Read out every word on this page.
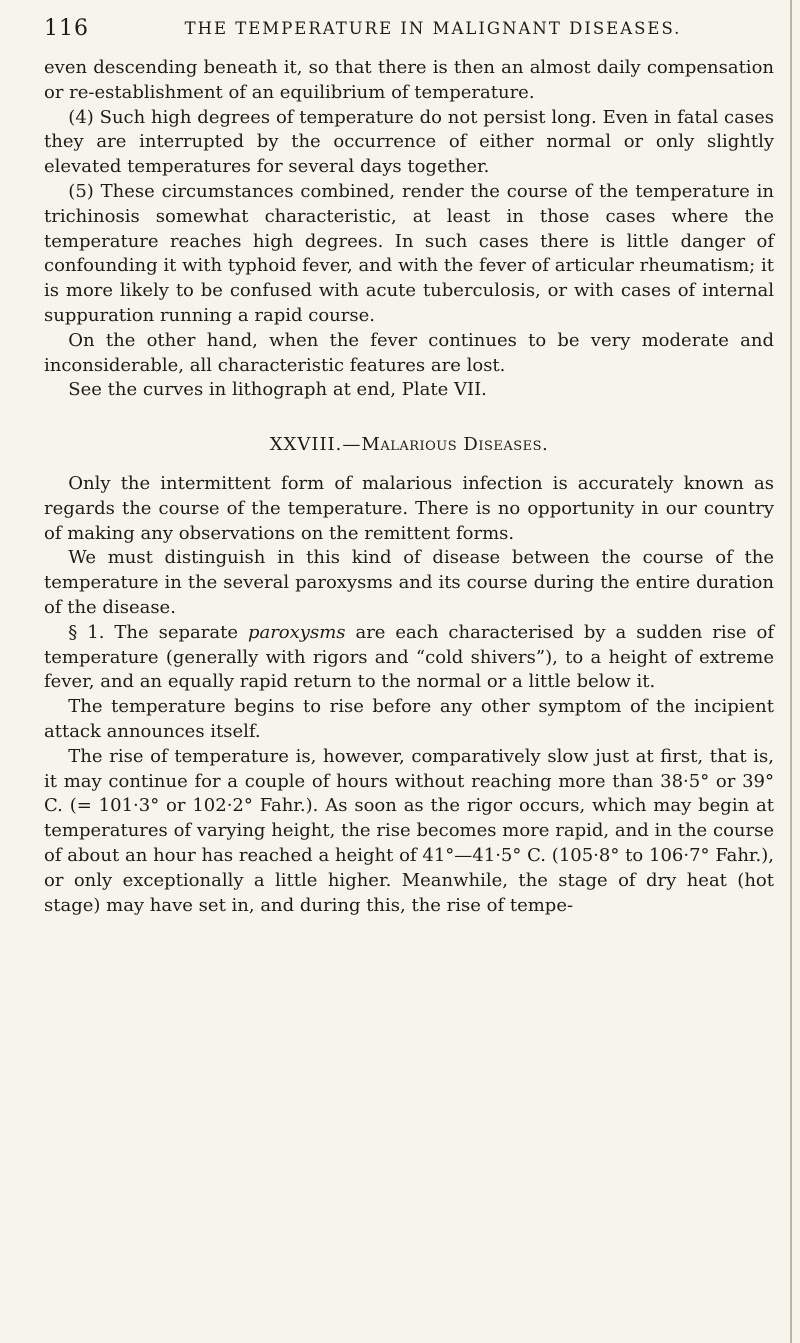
116	THE TEMPERATURE IN MALIGNANT DISEASES.

even descending beneath it, so that there is then an almost daily compensation or re-establishment of an equilibrium of temperature.

(4) Such high degrees of temperature do not persist long. Even in fatal cases they are interrupted by the occurrence of either normal or only slightly elevated temperatures for several days together.

(5) These circumstances combined, render the course of the temperature in trichinosis somewhat characteristic, at least in those cases where the temperature reaches high degrees. In such cases there is little danger of confounding it with typhoid fever, and with the fever of articular rheumatism; it is more likely to be confused with acute tuberculosis, or with cases of internal suppuration running a rapid course.

On the other hand, when the fever continues to be very moderate and inconsiderable, all characteristic features are lost.

See the curves in lithograph at end, Plate VII.

XXVIII.—Malarious Diseases.

Only the intermittent form of malarious infection is accurately known as regards the course of the temperature. There is no opportunity in our country of making any observations on the remittent forms.

We must distinguish in this kind of disease between the course of the temperature in the several paroxysms and its course during the entire duration of the disease.

§ 1. The separate paroxysms are each characterised by a sudden rise of temperature (generally with rigors and “cold shivers”), to a height of extreme fever, and an equally rapid return to the normal or a little below it.

The temperature begins to rise before any other symptom of the incipient attack announces itself.

The rise of temperature is, however, comparatively slow just at first, that is, it may continue for a couple of hours without reaching more than 38·5° or 39° C. (= 101·3° or 102·2° Fahr.). As soon as the rigor occurs, which may begin at temperatures of varying height, the rise becomes more rapid, and in the course of about an hour has reached a height of 41°—41·5° C. (105·8° to 106·7° Fahr.), or only exceptionally a little higher. Meanwhile, the stage of dry heat (hot stage) may have set in, and during this, the rise of tempe-
